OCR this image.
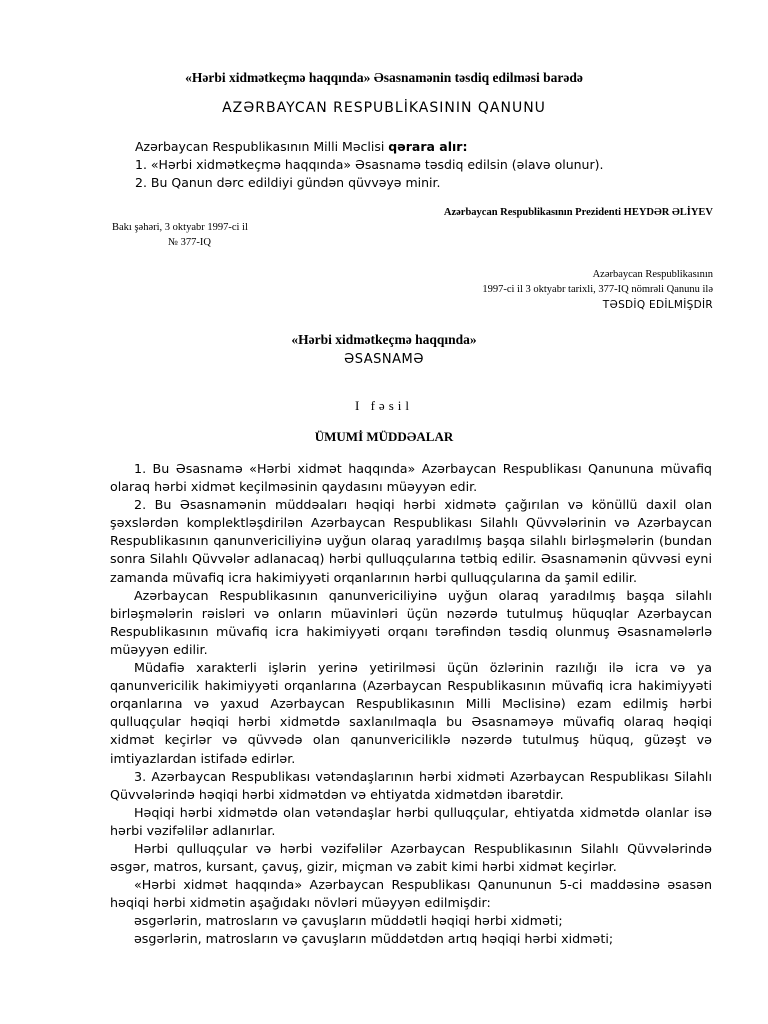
«Hərbi xidmətkeçmə haqqında» Əsasnamənin təsdiq edilməsi barədə
AZƏRBAYCAN RESPUBLİKASININ QANUNU
Azərbaycan Respublikasının Milli Məclisi qərara alır:
1. «Hərbi xidmətkeçmə haqqında» Əsasnamə təsdiq edilsin (əlavə olunur).
2. Bu Qanun dərc edildiyi gündən qüvvəyə minir.
Azərbaycan Respublikasının Prezidenti HEYDƏR ƏLİYEV
Bakı şəhəri, 3 oktyabr 1997-ci il
№ 377-IQ
Azərbaycan Respublikasının
1997-ci il 3 oktyabr tarixli, 377-IQ nömrəli Qanunu ilə
TƏSDİQ EDİLMİŞDİR
«Hərbi xidmətkeçmə haqqında»
ƏSASNAMƏ
I fəsil
ÜMUMİ MÜDDƏALAR

1. Bu Əsasnamə «Hərbi xidmət haqqında» Azərbaycan Respublikası Qanununa müvafiq olaraq hərbi xidmət keçilməsinin qaydasını müəyyən edir.

2. Bu Əsasnamənin müddəaları həqiqi hərbi xidmətə çağırılan və könüllü daxil olan şəxslərdən komplektləşdirilən Azərbaycan Respublikası Silahlı Qüvvələrinin və Azərbaycan Respublikasının qanunvericiliyinə uyğun olaraq yaradılmış başqa silahlı birləşmələrin (bundan sonra Silahlı Qüvvələr adlanacaq) hərbi qulluqçularına tətbiq edilir. Əsasnamənin qüvvəsi eyni zamanda müvafiq icra hakimiyyəti orqanlarının hərbi qulluqçularına da şamil edilir.

Azərbaycan Respublikasının qanunvericiliyinə uyğun olaraq yaradılmış başqa silahlı birləşmələrin rəisləri və onların müavinləri üçün nəzərdə tutulmuş hüquqlar Azərbaycan Respublikasının müvafiq icra hakimiyyəti orqanı tərəfindən təsdiq olunmuş Əsasnamələrlə müəyyən edilir.

Müdafiə xarakterli işlərin yerinə yetirilməsi üçün özlərinin razılığı ilə icra və ya qanunvericilik hakimiyyəti orqanlarına (Azərbaycan Respublikasının müvafiq icra hakimiyyəti orqanlarına və yaxud Azərbaycan Respublikasının Milli Məclisinə) ezam edilmiş hərbi qulluqçular həqiqi hərbi xidmətdə saxlanılmaqla bu Əsasnaməyə müvafiq olaraq həqiqi xidmət keçirlər və qüvvədə olan qanunvericiliklə nəzərdə tutulmuş hüquq, güzəşt və imtiyazlardan istifadə edirlər.

3. Azərbaycan Respublikası vətəndaşlarının hərbi xidməti Azərbaycan Respublikası Silahlı Qüvvələrində həqiqi hərbi xidmətdən və ehtiyatda xidmətdən ibarətdir.

Həqiqi hərbi xidmətdə olan vətəndaşlar hərbi qulluqçular, ehtiyatda xidmətdə olanlar isə hərbi vəzifəlilər adlanırlar.

Hərbi qulluqçular və hərbi vəzifəlilər Azərbaycan Respublikasının Silahlı Qüvvələrində əsgər, matros, kursant, çavuş, gizir, miçman və zabit kimi hərbi xidmət keçirlər.

«Hərbi xidmət haqqında» Azərbaycan Respublikası Qanununun 5-ci maddəsinə əsasən həqiqi hərbi xidmətin aşağıdakı növləri müəyyən edilmişdir:

əsgərlərin, matrosların və çavuşların müddətli həqiqi hərbi xidməti;

əsgərlərin, matrosların və çavuşların müddətdən artıq həqiqi hərbi xidməti;
